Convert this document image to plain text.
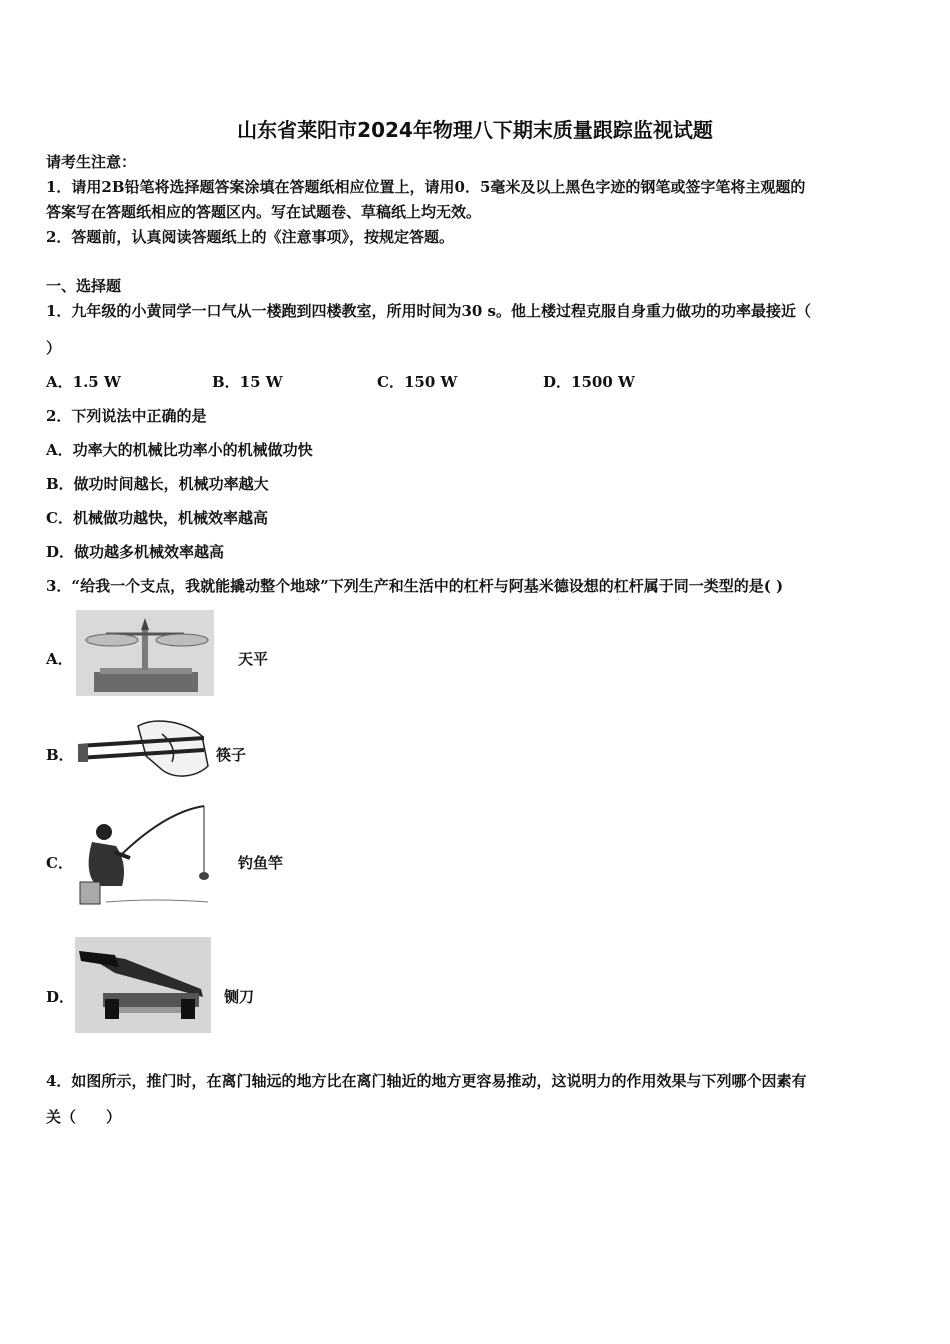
山东省莱阳市2024年物理八下期末质量跟踪监视试题
请考生注意：
1．请用2B铅笔将选择题答案涂填在答题纸相应位置上，请用0．5毫米及以上黑色字迹的钢笔或签字笔将主观题的
答案写在答题纸相应的答题区内。写在试题卷、草稿纸上均无效。
2．答题前，认真阅读答题纸上的《注意事项》，按规定答题。
一、选择题
1．九年级的小黄同学一口气从一楼跑到四楼教室，所用时间为30 s。他上楼过程克服自身重力做功的功率最接近（
）
A．1.5 W	B．15 W	C．150 W	D．1500 W
2．下列说法中正确的是
A．功率大的机械比功率小的机械做功快
B．做功时间越长，机械功率越大
C．机械做功越快，机械效率越高
D．做功越多机械效率越高
3．“给我一个支点，我就能撬动整个地球”下列生产和生活中的杠杆与阿基米德设想的杠杆属于同一类型的是( )
A．	天平
B．	筷子
C．	钓鱼竿
D．	铡刀
4．如图所示，推门时，在离门轴远的地方比在离门轴近的地方更容易推动，这说明力的作用效果与下列哪个因素有
关（　　）
